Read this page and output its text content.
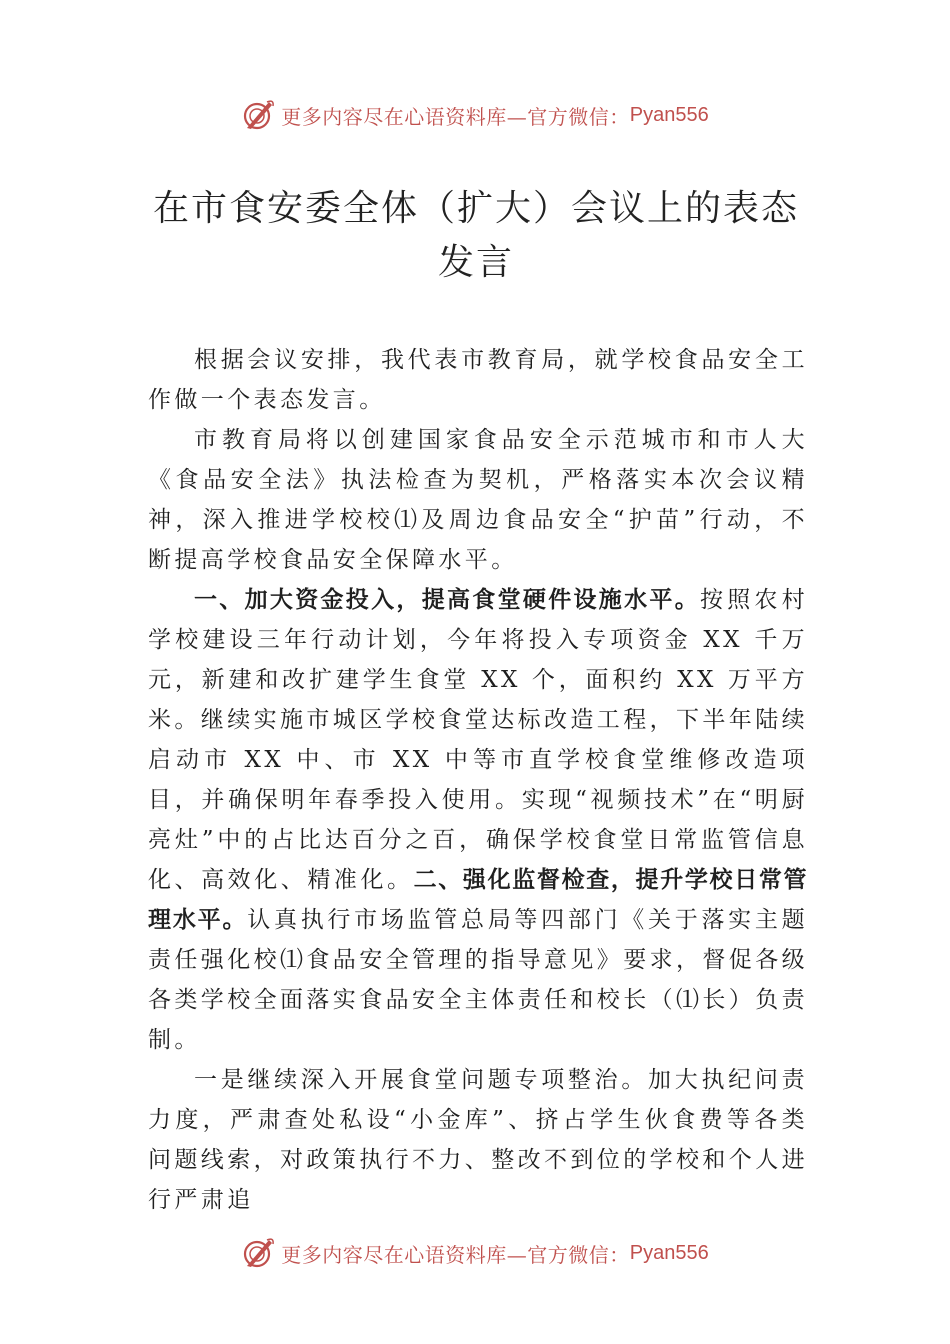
更多内容尽在心语资料库—官方微信： Pyan556
在市食安委全体（扩大）会议上的表态发言

根据会议安排，我代表市教育局，就学校食品安全工作做一个表态发言。

市教育局将以创建国家食品安全示范城市和市人大《食品安全法》执法检查为契机，严格落实本次会议精神，深入推进学校校⑴及周边食品安全“护苗”行动，不断提高学校食品安全保障水平。

一、加大资金投入，提高食堂硬件设施水平。按照农村学校建设三年行动计划，今年将投入专项资金 XX 千万元，新建和改扩建学生食堂 XX 个，面积约 XX 万平方米。继续实施市城区学校食堂达标改造工程，下半年陆续启动市 XX 中、市 XX 中等市直学校食堂维修改造项目，并确保明年春季投入使用。实现“视频技术”在“明厨亮灶”中的占比达百分之百，确保学校食堂日常监管信息化、高效化、精准化。二、强化监督检查，提升学校日常管理水平。认真执行市场监管总局等四部门《关于落实主题责任强化校⑴食品安全管理的指导意见》要求，督促各级各类学校全面落实食品安全主体责任和校长（⑴长）负责制。

一是继续深入开展食堂问题专项整治。加大执纪问责力度，严肃查处私设“小金库”、挤占学生伙食费等各类问题线索，对政策执行不力、整改不到位的学校和个人进行严肃追

更多内容尽在心语资料库—官方微信： Pyan556
